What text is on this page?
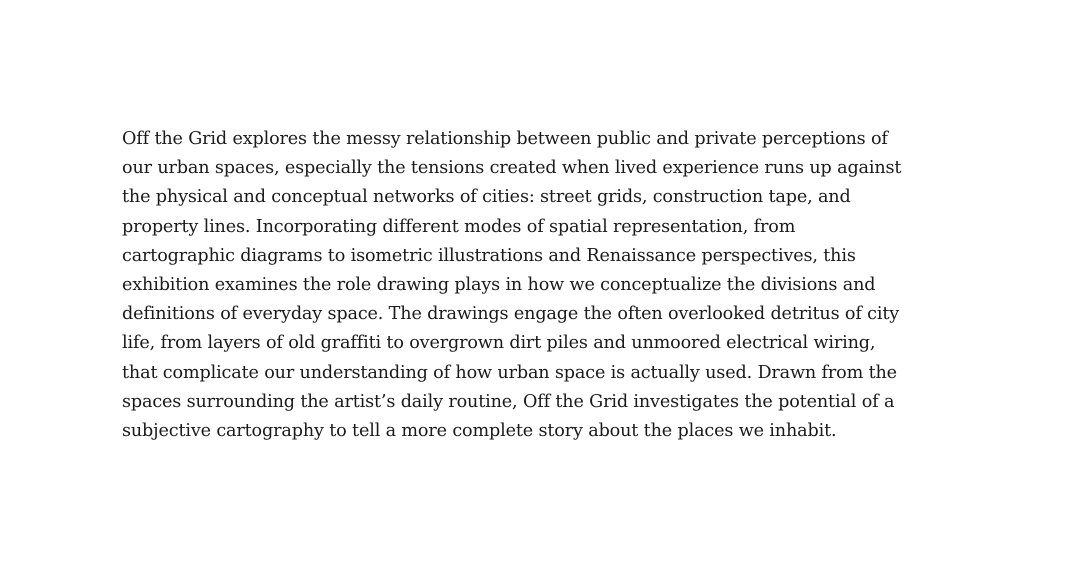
Off the Grid explores the messy relationship between public and private perceptions of
our urban spaces, especially the tensions created when lived experience runs up against
the physical and conceptual networks of cities: street grids, construction tape, and
property lines. Incorporating different modes of spatial representation, from
cartographic diagrams to isometric illustrations and Renaissance perspectives, this
exhibition examines the role drawing plays in how we conceptualize the divisions and
definitions of everyday space. The drawings engage the often overlooked detritus of city
life, from layers of old graffiti to overgrown dirt piles and unmoored electrical wiring,
that complicate our understanding of how urban space is actually used. Drawn from the
spaces surrounding the artist’s daily routine, Off the Grid investigates the potential of a
subjective cartography to tell a more complete story about the places we inhabit.
